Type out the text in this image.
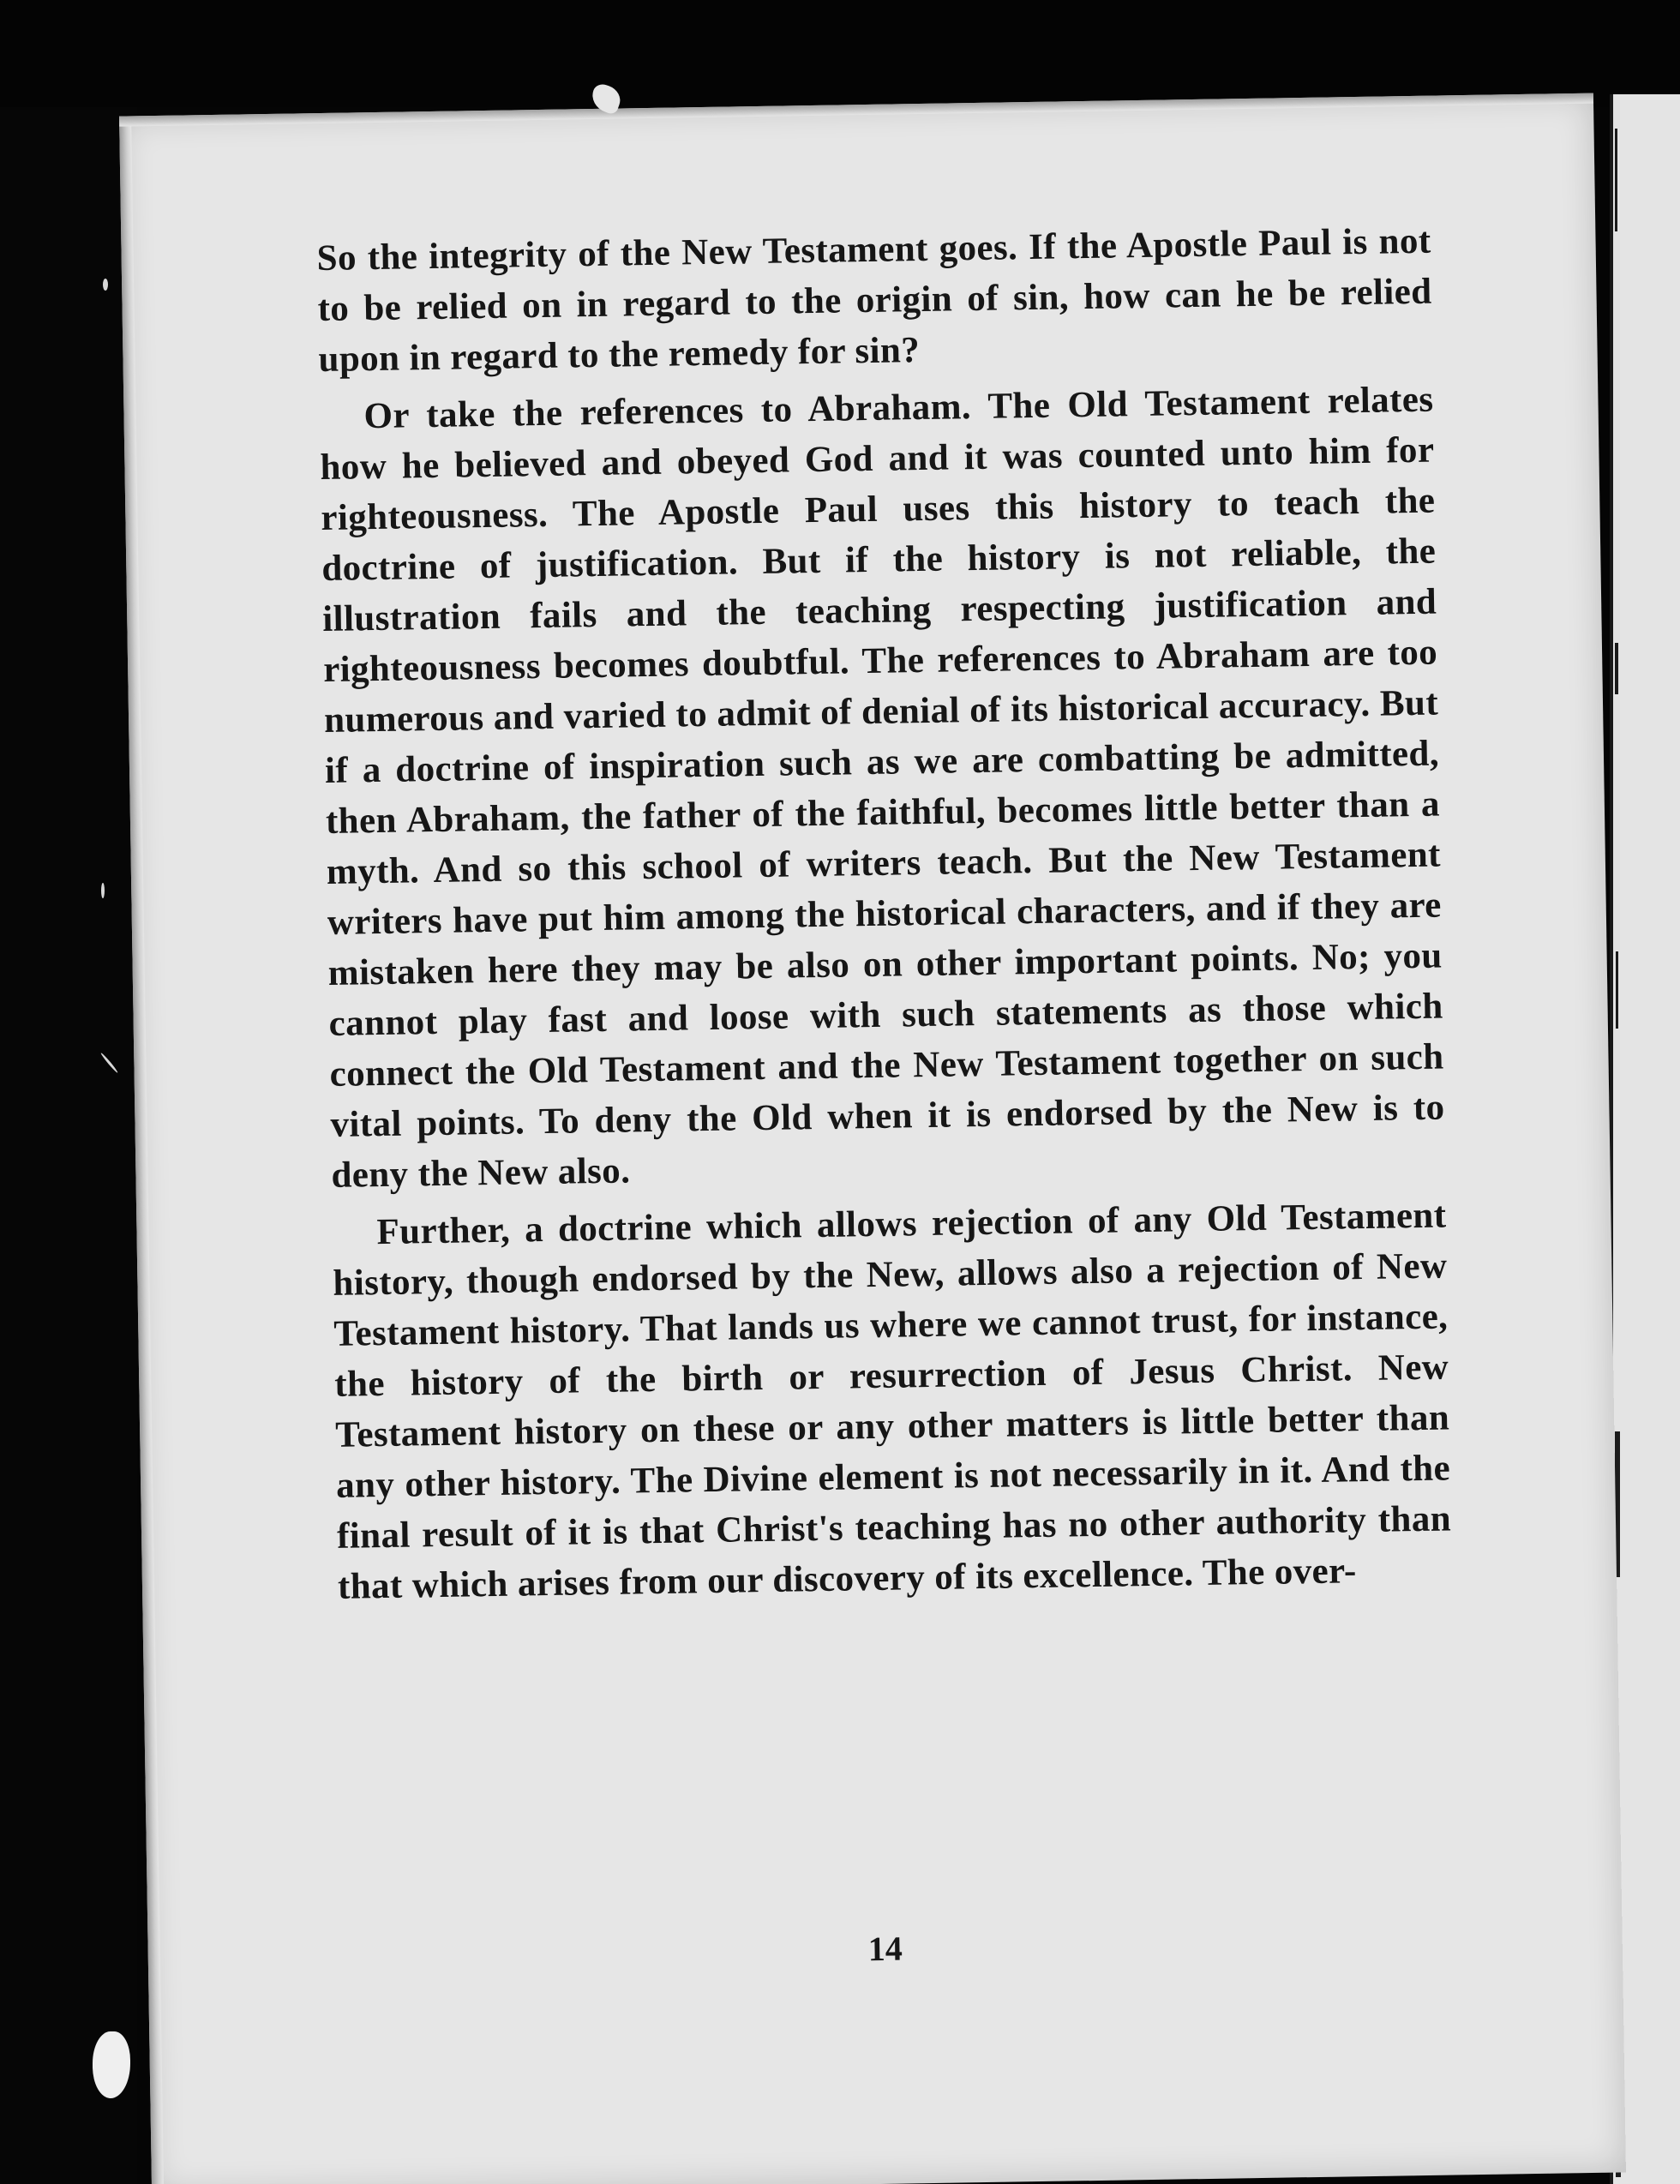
So the integrity of the New Testament goes. If the Apostle Paul is not to be relied on in regard to the origin of sin, how can he be relied upon in regard to the remedy for sin?

Or take the references to Abraham. The Old Testament relates how he believed and obeyed God and it was counted unto him for righteousness. The Apostle Paul uses this history to teach the doctrine of justification. But if the history is not reliable, the illustration fails and the teaching respecting justification and righteousness becomes doubtful. The references to Abraham are too numerous and varied to admit of denial of its historical accuracy. But if a doctrine of inspiration such as we are combatting be admitted, then Abraham, the father of the faithful, becomes little better than a myth. And so this school of writers teach. But the New Testament writers have put him among the historical characters, and if they are mistaken here they may be also on other important points. No; you cannot play fast and loose with such statements as those which connect the Old Testament and the New Testament together on such vital points. To deny the Old when it is endorsed by the New is to deny the New also.

Further, a doctrine which allows rejection of any Old Testament history, though endorsed by the New, allows also a rejection of New Testament history. That lands us where we cannot trust, for instance, the history of the birth or resurrection of Jesus Christ. New Testament history on these or any other matters is little better than any other history. The Divine element is not necessarily in it. And the final result of it is that Christ's teaching has no other authority than that which arises from our discovery of its excellence. The over-

14
